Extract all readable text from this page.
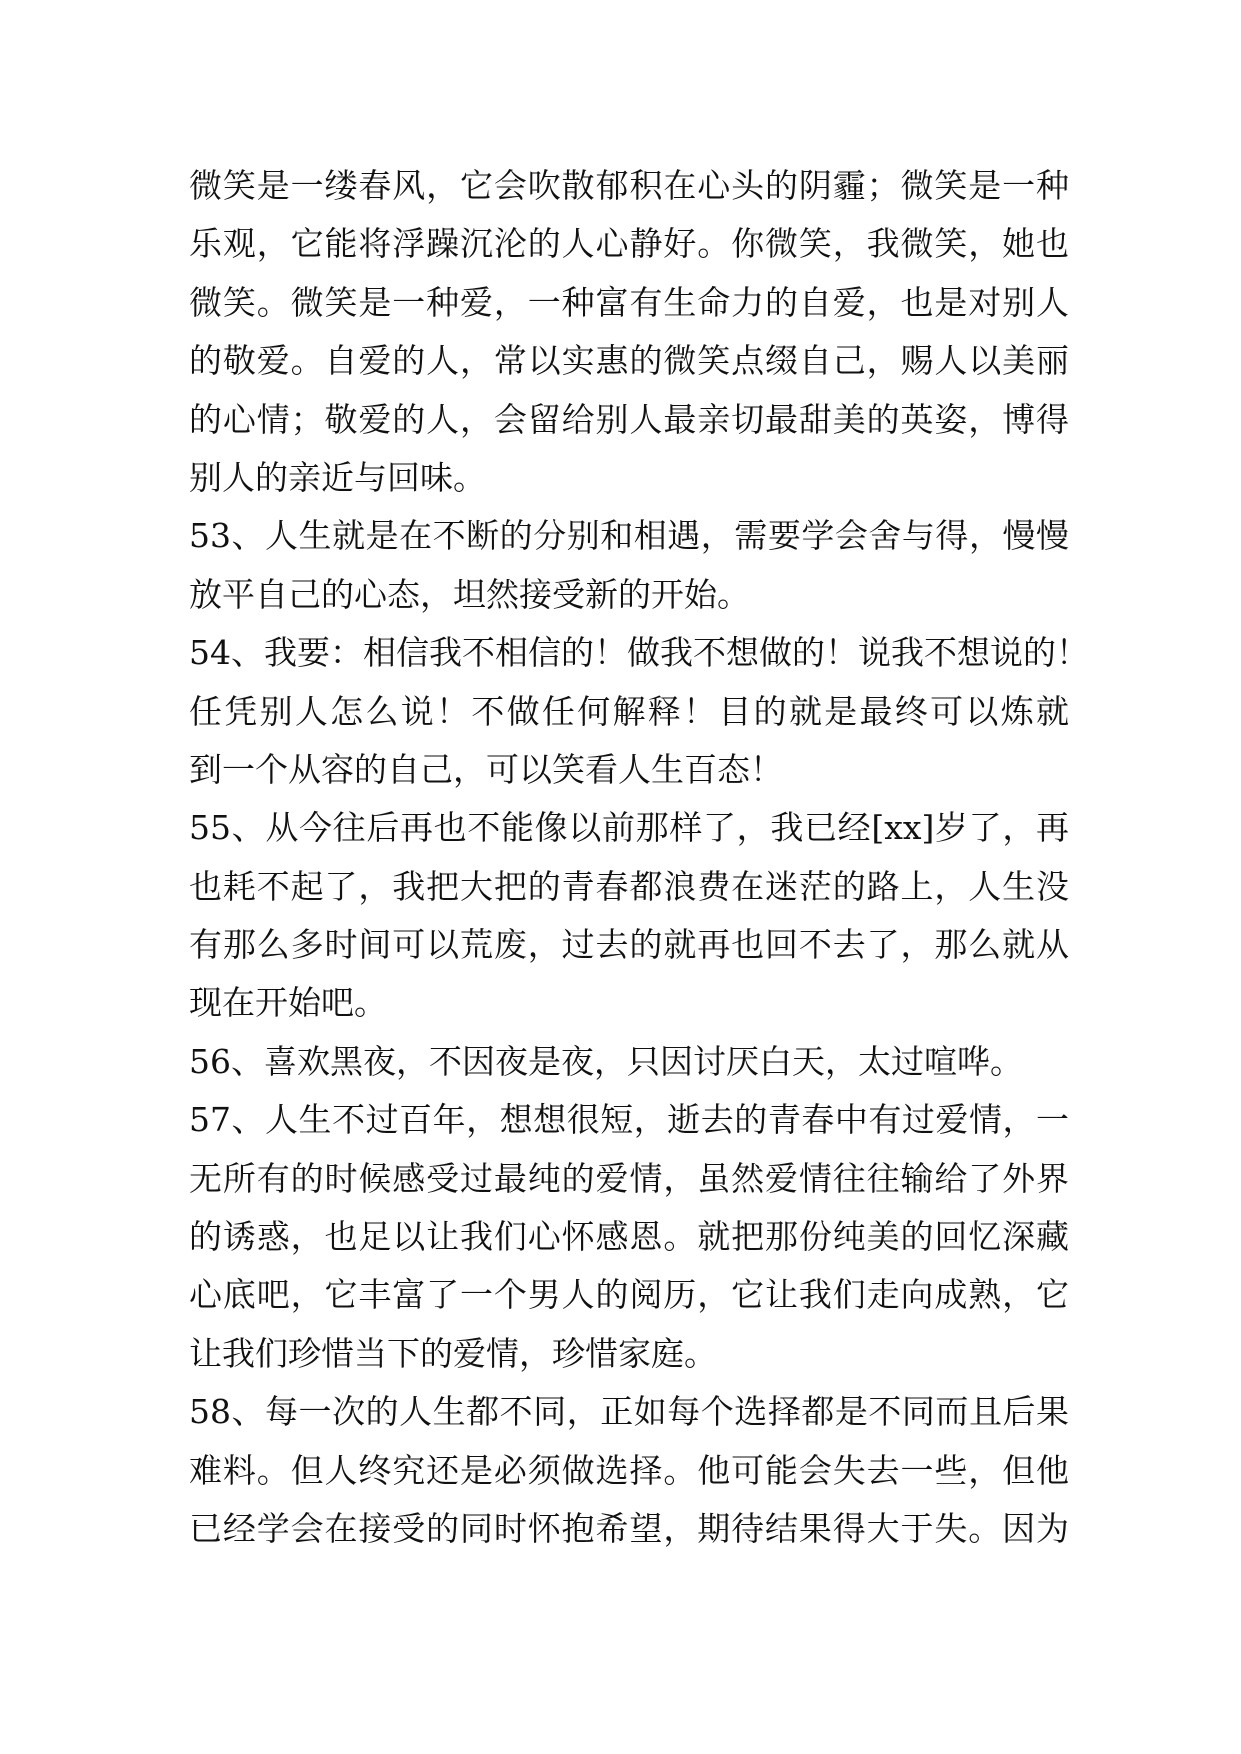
微笑是一缕春风，它会吹散郁积在心头的阴霾；微笑是一种
乐观，它能将浮躁沉沦的人心静好。你微笑，我微笑，她也
微笑。微笑是一种爱，一种富有生命力的自爱，也是对别人
的敬爱。自爱的人，常以实惠的微笑点缀自己，赐人以美丽
的心情；敬爱的人，会留给别人最亲切最甜美的英姿，博得
别人的亲近与回味。
53、人生就是在不断的分别和相遇，需要学会舍与得，慢慢
放平自己的心态，坦然接受新的开始。
54、我要：相信我不相信的！做我不想做的！说我不想说的！
任凭别人怎么说！不做任何解释！目的就是最终可以炼就
到一个从容的自己，可以笑看人生百态！
55、从今往后再也不能像以前那样了，我已经[xx]岁了，再
也耗不起了，我把大把的青春都浪费在迷茫的路上，人生没
有那么多时间可以荒废，过去的就再也回不去了，那么就从
现在开始吧。
56、喜欢黑夜，不因夜是夜，只因讨厌白天，太过喧哗。
57、人生不过百年，想想很短，逝去的青春中有过爱情，一
无所有的时候感受过最纯的爱情，虽然爱情往往输给了外界
的诱惑，也足以让我们心怀感恩。就把那份纯美的回忆深藏
心底吧，它丰富了一个男人的阅历，它让我们走向成熟，它
让我们珍惜当下的爱情，珍惜家庭。
58、每一次的人生都不同，正如每个选择都是不同而且后果
难料。但人终究还是必须做选择。他可能会失去一些，但他
已经学会在接受的同时怀抱希望，期待结果得大于失。因为
